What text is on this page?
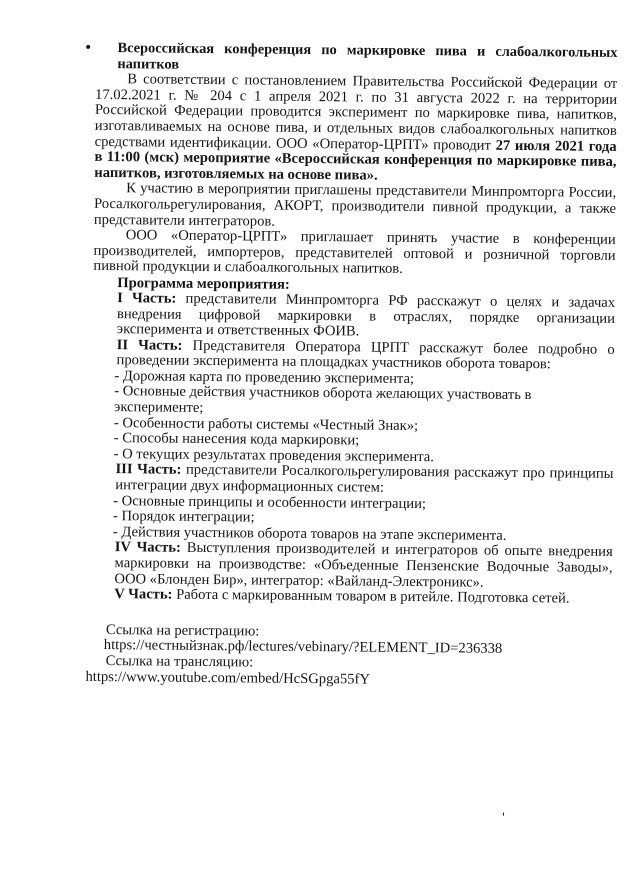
• Всероссийская конференция по маркировке пива и слабоалкогольных напитков

В соответствии с постановлением Правительства Российской Федерации от 17.02.2021 г. № 204 с 1 апреля 2021 г. по 31 августа 2022 г. на территории Российской Федерации проводится эксперимент по маркировке пива, напитков, изготавливаемых на основе пива, и отдельных видов слабоалкогольных напитков средствами идентификации. ООО «Оператор-ЦРПТ» проводит 27 июля 2021 года в 11:00 (мск) мероприятие «Всероссийская конференция по маркировке пива, напитков, изготовляемых на основе пива».

К участию в мероприятии приглашены представители Минпромторга России, Росалкогольрегулирования, АКОРТ, производители пивной продукции, а также представители интеграторов.

ООО «Оператор-ЦРПТ» приглашает принять участие в конференции производителей, импортеров, представителей оптовой и розничной торговли пивной продукции и слабоалкогольных напитков.

Программа мероприятия:

I Часть: представители Минпромторга РФ расскажут о целях и задачах внедрения цифровой маркировки в отраслях, порядке организации эксперимента и ответственных ФОИВ.

II Часть: Представителя Оператора ЦРПТ расскажут более подробно о проведении эксперимента на площадках участников оборота товаров:

- Дорожная карта по проведению эксперимента;

- Основные действия участников оборота желающих участвовать в эксперименте;

- Особенности работы системы «Честный Знак»;

- Способы нанесения кода маркировки;

- О текущих результатах проведения эксперимента.

III Часть: представители Росалкогольрегулирования расскажут про принципы интеграции двух информационных систем:

- Основные принципы и особенности интеграции;

- Порядок интеграции;

- Действия участников оборота товаров на этапе эксперимента.

IV Часть: Выступления производителей и интеграторов об опыте внедрения маркировки на производстве: «Объеденные Пензенские Водочные Заводы», ООО «Блонден Бир», интегратор: «Вайланд-Электроникс».

V Часть: Работа с маркированным товаром в ритейле. Подготовка сетей.

Ссылка на регистрацию:
https://честныйзнак.рф/lectures/vebinary/?ELEMENT_ID=236338
Ссылка на трансляцию:
https://www.youtube.com/embed/HcSGpga55fY
'
